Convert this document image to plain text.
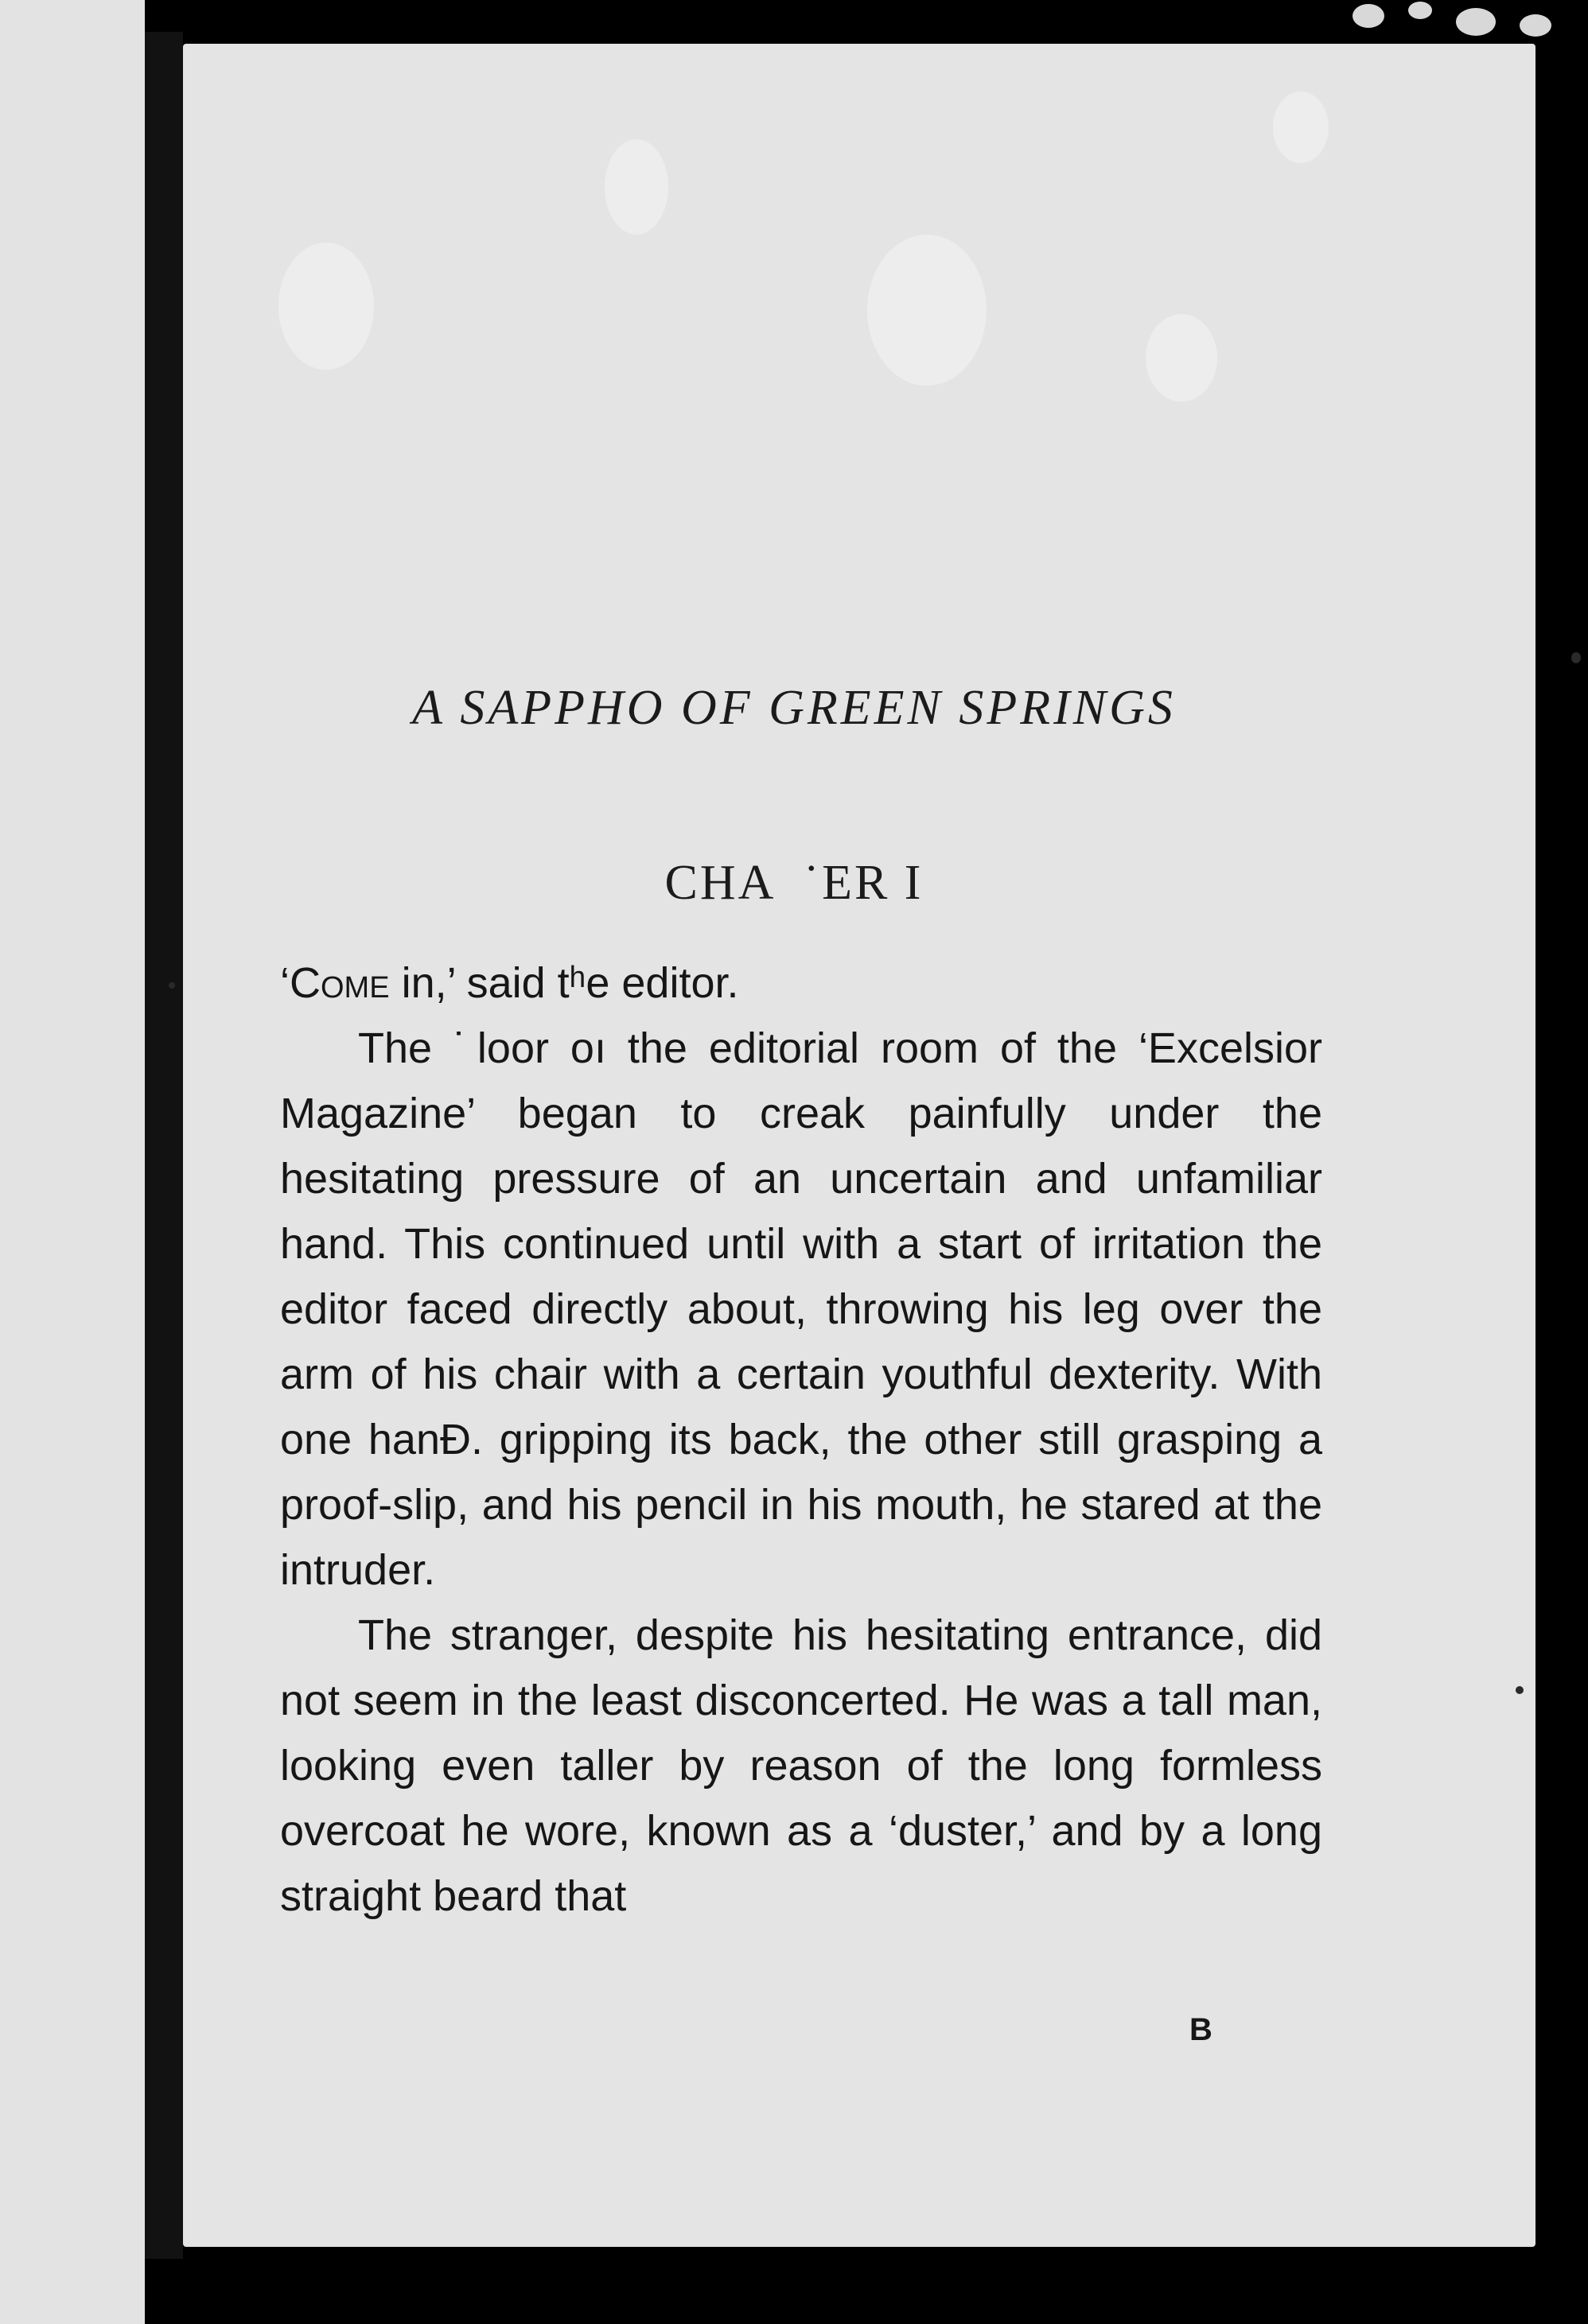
A SAPPHO OF GREEN SPRINGS
CHA ˙ER I

‘Come in,’ said tʰe editor.

The ˙loor oı the editorial room of the ‘Excelsior Magazine’ began to creak painfully under the hesitating pressure of an uncertain and unfamiliar hand. This continued until with a start of irritation the editor faced directly about, throwing his leg over the arm of his chair with a certain youthful dexterity. With one hanƉ. gripping its back, the other still grasping a proof-slip, and his pencil in his mouth, he stared at the intruder.

The stranger, despite his hesitating entrance, did not seem in the least disconcerted. He was a tall man, looking even taller by reason of the long formless overcoat he wore, known as a ‘duster,’ and by a long straight beard that

B
